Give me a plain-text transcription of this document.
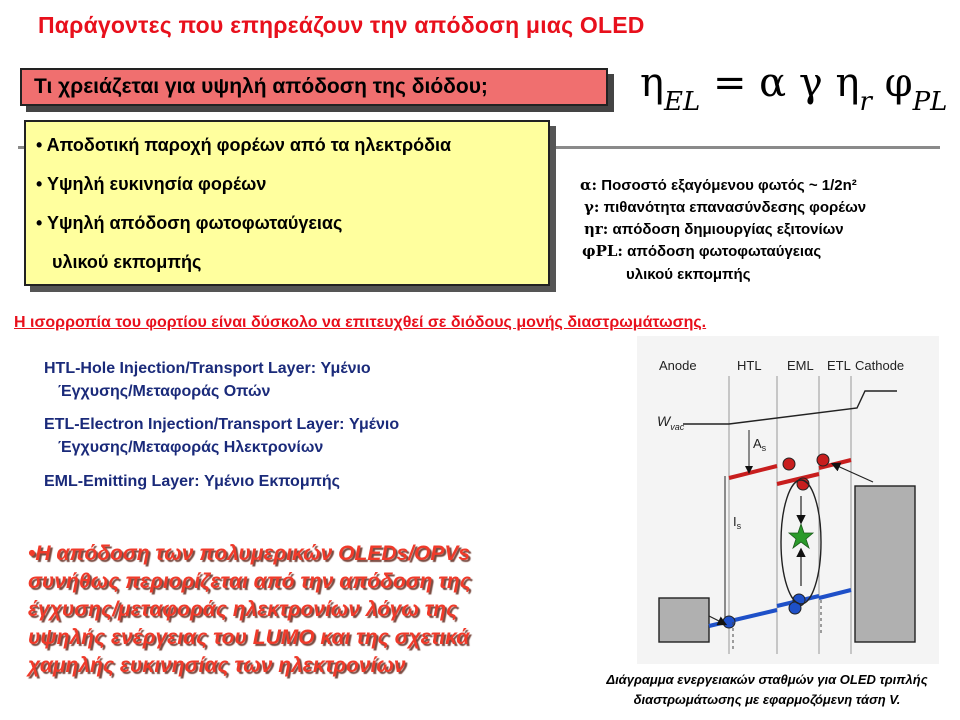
Παράγοντες που επηρεάζουν την απόδοση μιας OLED
Τι χρειάζεται για υψηλή απόδοση της διόδου;	$\eta_{EL} = \alpha$ γ $\eta_r$ $\varphi_{PL}$
• Αποδοτική παροχή φορέων από τα ηλεκτρόδια
• Υψηλή ευκινησία φορέων
• Υψηλή απόδοση φωτοφωταύγειας
υλικού εκπομπής
α: Ποσοστό εξαγόμενου φωτός ~ 1/2n²
γ: πιθανότητα επανασύνδεσης φορέων
ηr: απόδοση δημιουργίας εξιτονίων
φPL: απόδοση φωτοφωταύγειας
υλικού εκπομπής
Η ισορροπία του φορτίου είναι δύσκολο να επιτευχθεί σε διόδους μονής διαστρωμάτωσης.
HTL-Hole Injection/Transport Layer: Υμένιο
Έγχυσης/Μεταφοράς Οπών
ETL-Electron Injection/Transport Layer: Υμένιο
Έγχυσης/Μεταφοράς Ηλεκτρονίων
EML-Emitting Layer: Υμένιο Εκπομπής
•Η απόδοση των πολυμερικών OLEDs/OPVs
συνήθως περιορίζεται από την απόδοση της
έγχυσης/μεταφοράς ηλεκτρονίων λόγω της
υψηλής ενέργειας του LUMO και της σχετικά
χαμηλής ευκινησίας των ηλεκτρονίων
Anode	HTL EML ETL Cathode
$W_{vac}$
$A_s$
$I_s$
Διάγραμμα ενεργειακών σταθμών για OLED τριπλής
διαστρωμάτωσης με εφαρμοζόμενη τάση V.
